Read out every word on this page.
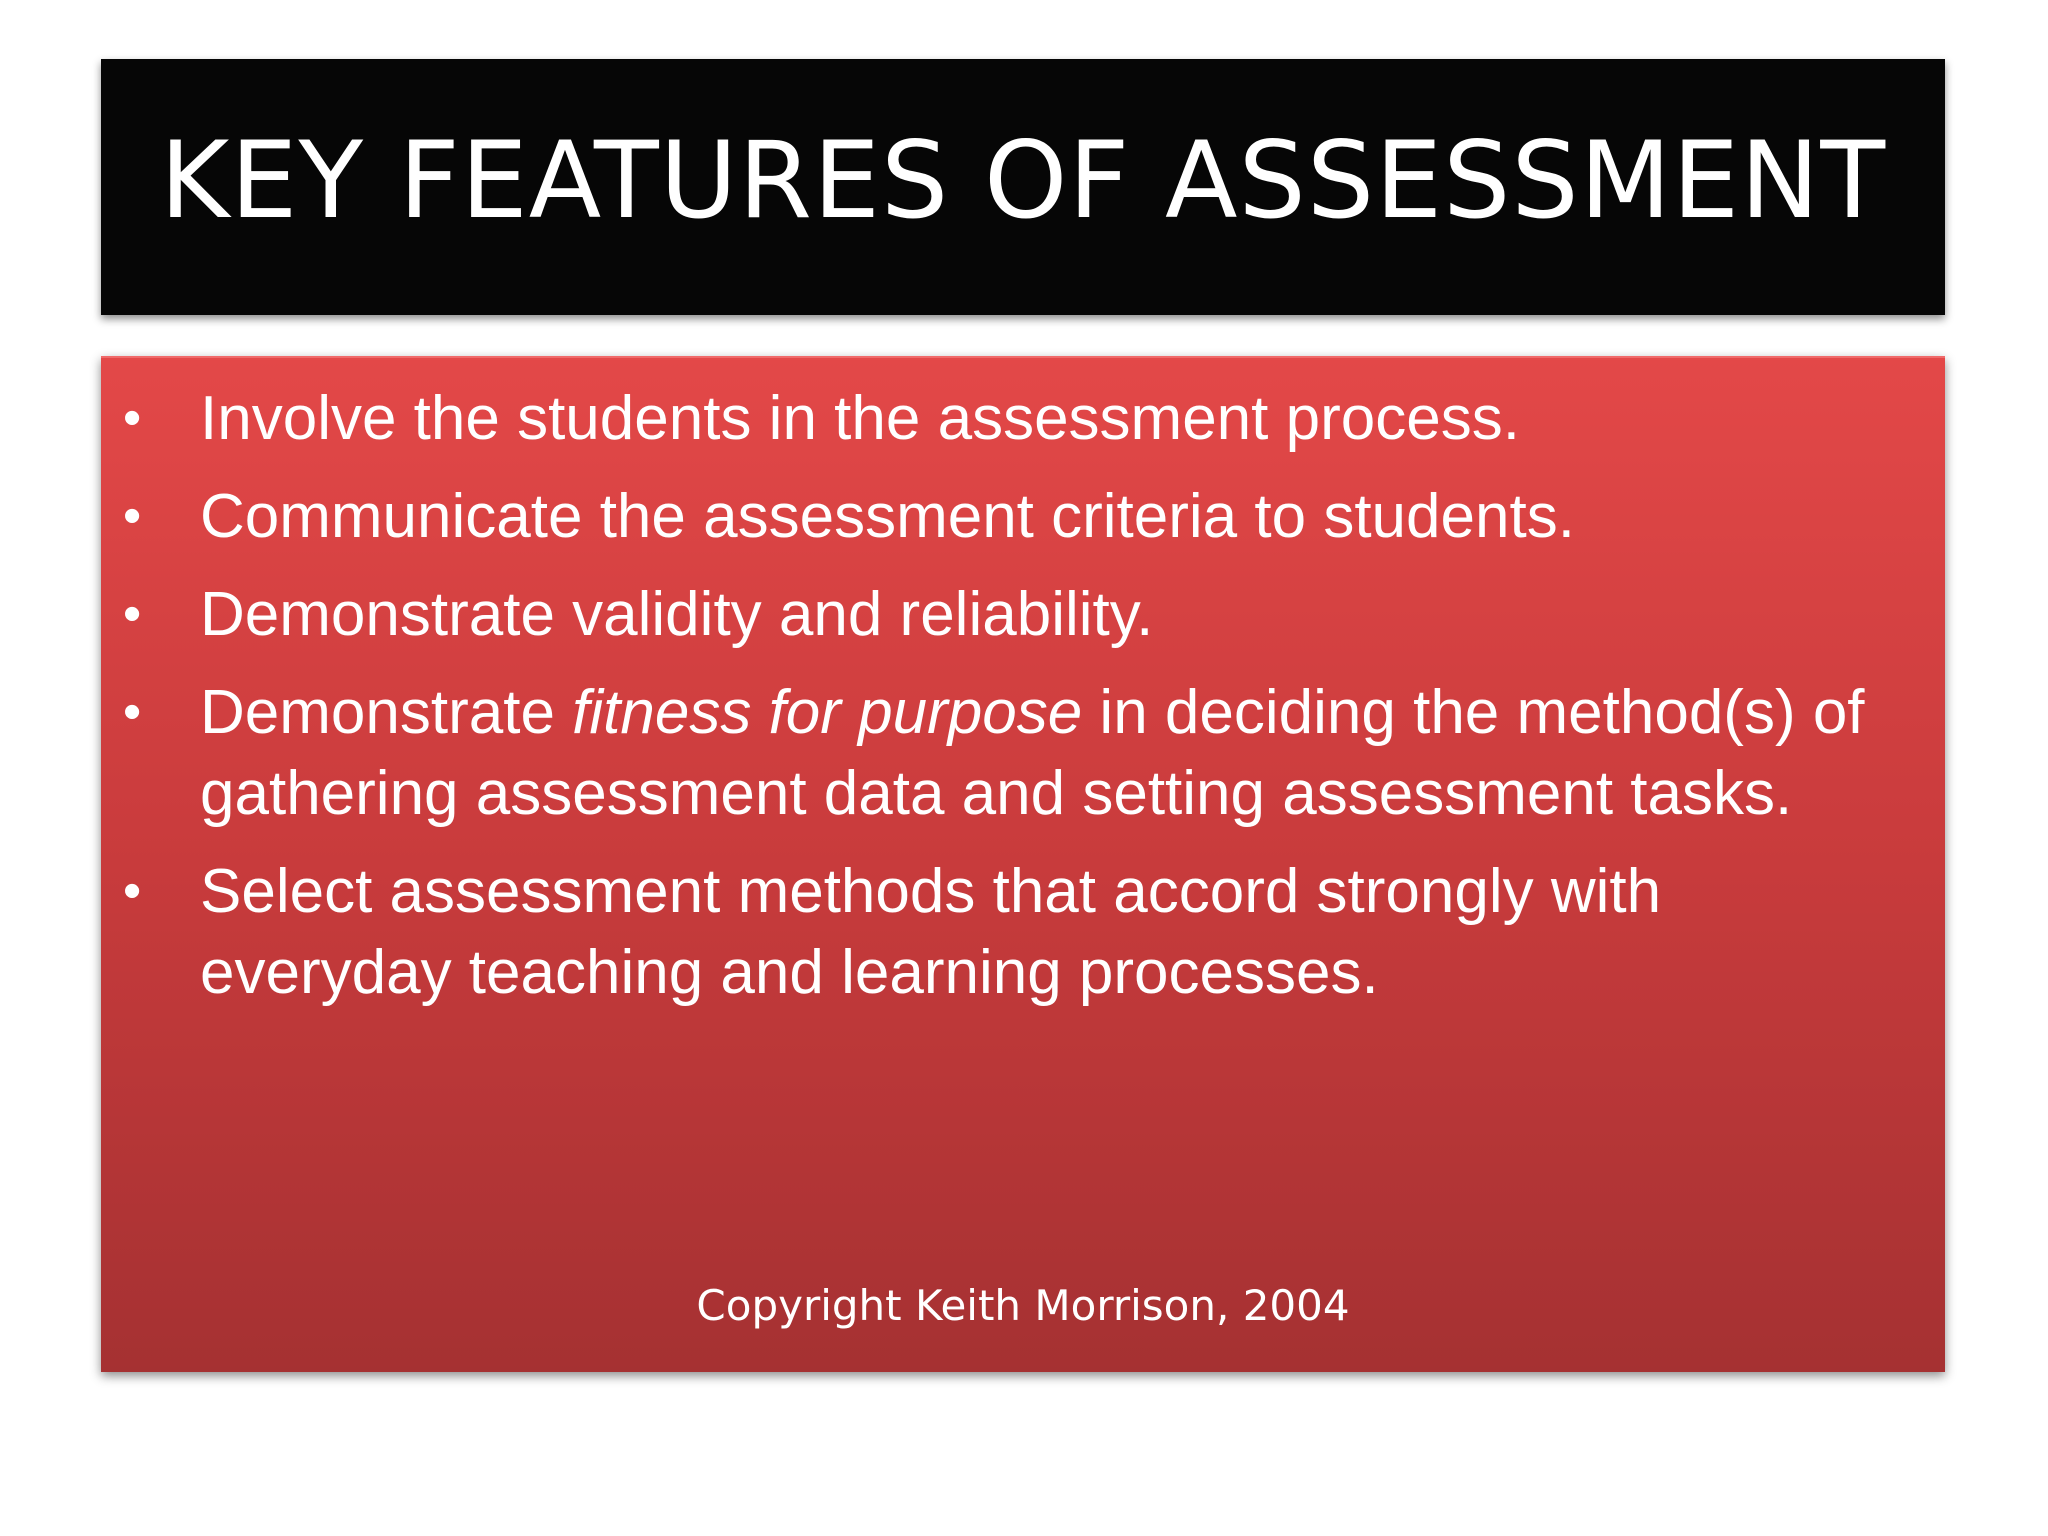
KEY FEATURES OF ASSESSMENT
• Involve the students in the assessment process.
• Communicate the assessment criteria to students.
• Demonstrate validity and reliability.
• Demonstrate fitness for purpose in deciding the method(s) of gathering assessment data and setting assessment tasks.
• Select assessment methods that accord strongly with everyday teaching and learning processes.
Copyright Keith Morrison, 2004
